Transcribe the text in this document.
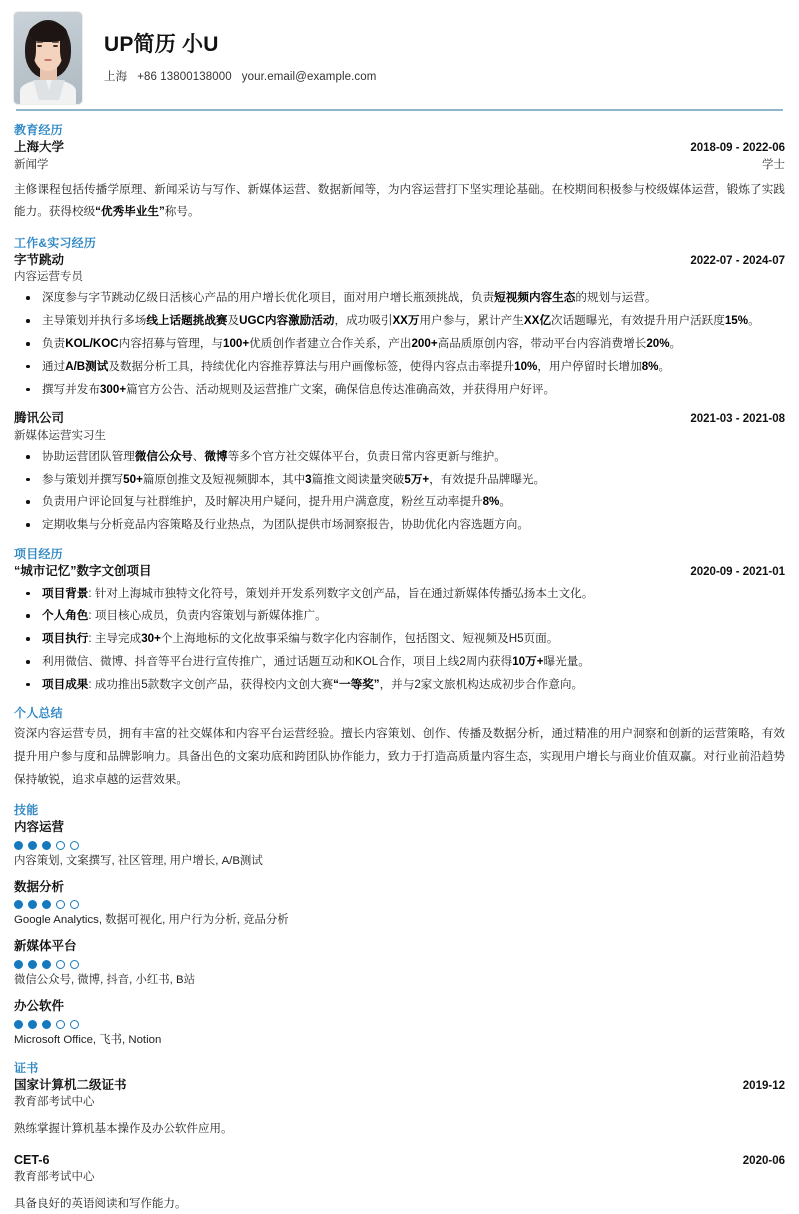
UP简历 小U
上海 +86 13800138000 your.email@example.com
教育经历
上海大学	2018-09 - 2022-06
新闻学	学士
主修课程包括传播学原理、新闻采访与写作、新媒体运营、数据新闻等，为内容运营打下坚实理论基础。在校期间积极参与校级媒体运营，锻炼了实践能力。获得校级“优秀毕业生”称号。
工作&实习经历
字节跳动	2022-07 - 2024-07
内容运营专员
深度参与字节跳动亿级日活核心产品的用户增长优化项目，面对用户增长瓶颈挑战，负责短视频内容生态的规划与运营。
主导策划并执行多场线上话题挑战赛及UGC内容激励活动，成功吸引XX万用户参与，累计产生XX亿次话题曝光，有效提升用户活跃度15%。
负责KOL/KOC内容招募与管理，与100+优质创作者建立合作关系，产出200+高品质原创内容，带动平台内容消费增长20%。
通过A/B测试及数据分析工具，持续优化内容推荐算法与用户画像标签，使得内容点击率提升10%，用户停留时长增加8%。
撰写并发布300+篇官方公告、活动规则及运营推广文案，确保信息传达准确高效，并获得用户好评。
腾讯公司	2021-03 - 2021-08
新媒体运营实习生
协助运营团队管理微信公众号、微博等多个官方社交媒体平台，负责日常内容更新与维护。
参与策划并撰写50+篇原创推文及短视频脚本，其中3篇推文阅读量突破5万+，有效提升品牌曝光。
负责用户评论回复与社群维护，及时解决用户疑问，提升用户满意度，粉丝互动率提升8%。
定期收集与分析竞品内容策略及行业热点，为团队提供市场洞察报告，协助优化内容选题方向。
项目经历
“城市记忆”数字文创项目	2020-09 - 2021-01
项目背景: 针对上海城市独特文化符号，策划并开发系列数字文创产品，旨在通过新媒体传播弘扬本土文化。
个人角色: 项目核心成员，负责内容策划与新媒体推广。
项目执行: 主导完成30+个上海地标的文化故事采编与数字化内容制作，包括图文、短视频及H5页面。
利用微信、微博、抖音等平台进行宣传推广，通过话题互动和KOL合作，项目上线2周内获得10万+曝光量。
项目成果: 成功推出5款数字文创产品，获得校内文创大赛“一等奖”，并与2家文旅机构达成初步合作意向。
个人总结
资深内容运营专员，拥有丰富的社交媒体和内容平台运营经验。擅长内容策划、创作、传播及数据分析，通过精准的用户洞察和创新的运营策略，有效提升用户参与度和品牌影响力。具备出色的文案功底和跨团队协作能力，致力于打造高质量内容生态，实现用户增长与商业价值双赢。对行业前沿趋势保持敏锐，追求卓越的运营效果。
技能
内容运营
内容策划, 文案撰写, 社区管理, 用户增长, A/B测试
数据分析
Google Analytics, 数据可视化, 用户行为分析, 竞品分析
新媒体平台
微信公众号, 微博, 抖音, 小红书, B站
办公软件
Microsoft Office, 飞书, Notion
证书
国家计算机二级证书	2019-12
教育部考试中心
熟练掌握计算机基本操作及办公软件应用。
CET-6	2020-06
教育部考试中心
具备良好的英语阅读和写作能力。
